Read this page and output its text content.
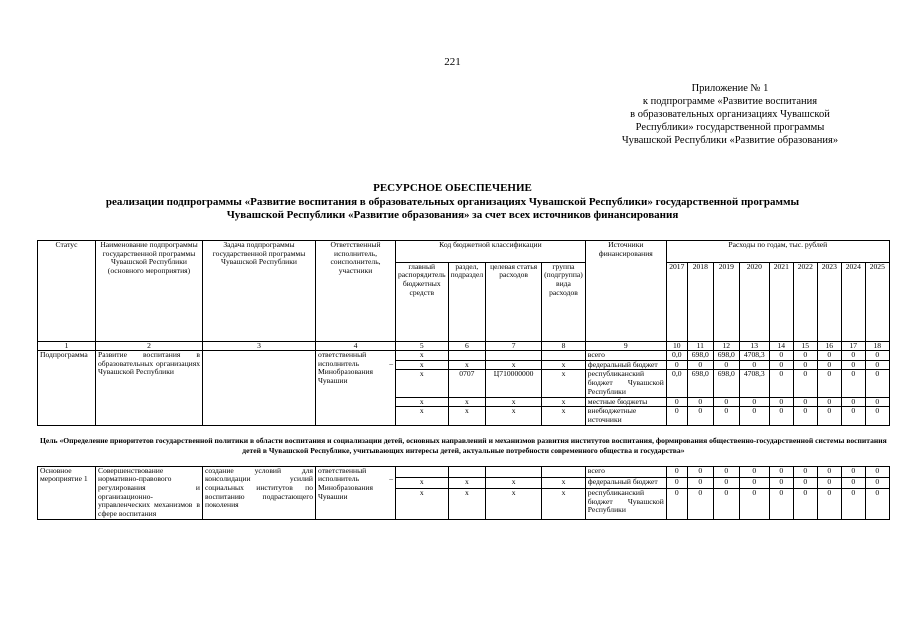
221
Приложение № 1
к подпрограмме «Развитие воспитания
в образовательных организациях Чувашской
Республики» государственной программы
Чувашской Республики «Развитие образования»
РЕСУРСНОЕ ОБЕСПЕЧЕНИЕ
реализации подпрограммы «Развитие воспитания в образовательных организациях Чувашской Республики» государственной программы
Чувашской Республики «Развитие образования» за счет всех источников финансирования
Статус	Наименование подпрограммы государственной программы Чувашской Республики (основного мероприятия)	Задача подпрограммы государственной программы Чувашской Республики	Ответственный исполнитель, соисполнитель, участники	Код бюджетной классификации				Источники финансирования	Расходы по годам, тыс. рублей								
				главный распорядитель бюджетных средств	раздел, подраздел	целевая статья расходов	группа (подгруппа) вида расходов		2017	2018	2019	2020	2021	2022	2023	2024	2025
1	2	3	4	5	6	7	8	9	10	11	12	13	14	15	16	17	18
Подпрограмма	Развитие воспитания в образовательных организациях Чувашской Республики		ответственный исполнитель – Минобразования Чувашии	x				всего	0,0	698,0	698,0	4708,3	0	0	0	0	0
				x	x	x	x	федеральный бюджет	0	0	0	0	0	0	0	0	0
				x	0707	Ц710000000	x	республиканский бюджет Чувашской Республики	0,0	698,0	698,0	4708,3	0	0	0	0	0
				x	x	x	x	местные бюджеты	0	0	0	0	0	0	0	0	0
				x	x	x	x	внебюджетные источники	0	0	0	0	0	0	0	0	0
Цель «Определение приоритетов государственной политики в области воспитания и социализации детей, основных направлений и механизмов развития институтов воспитания, формирования общественно-государственной системы воспитания детей в Чувашской Республике, учитывающих интересы детей, актуальные потребности современного общества и государства»																	
Основное мероприятие 1	Совершенствование нормативно-правового регулирования и организационно-управленческих механизмов в сфере воспитания	создание условий для консолидации усилий социальных институтов по воспитанию подрастающего поколения	ответственный исполнитель – Минобразования Чувашии					всего	0	0	0	0	0	0	0	0	0
				x	x	x	x	федеральный бюджет	0	0	0	0	0	0	0	0	0
				x	x	x	x	республиканский бюджет Чувашской Республики	0	0	0	0	0	0	0	0	0
